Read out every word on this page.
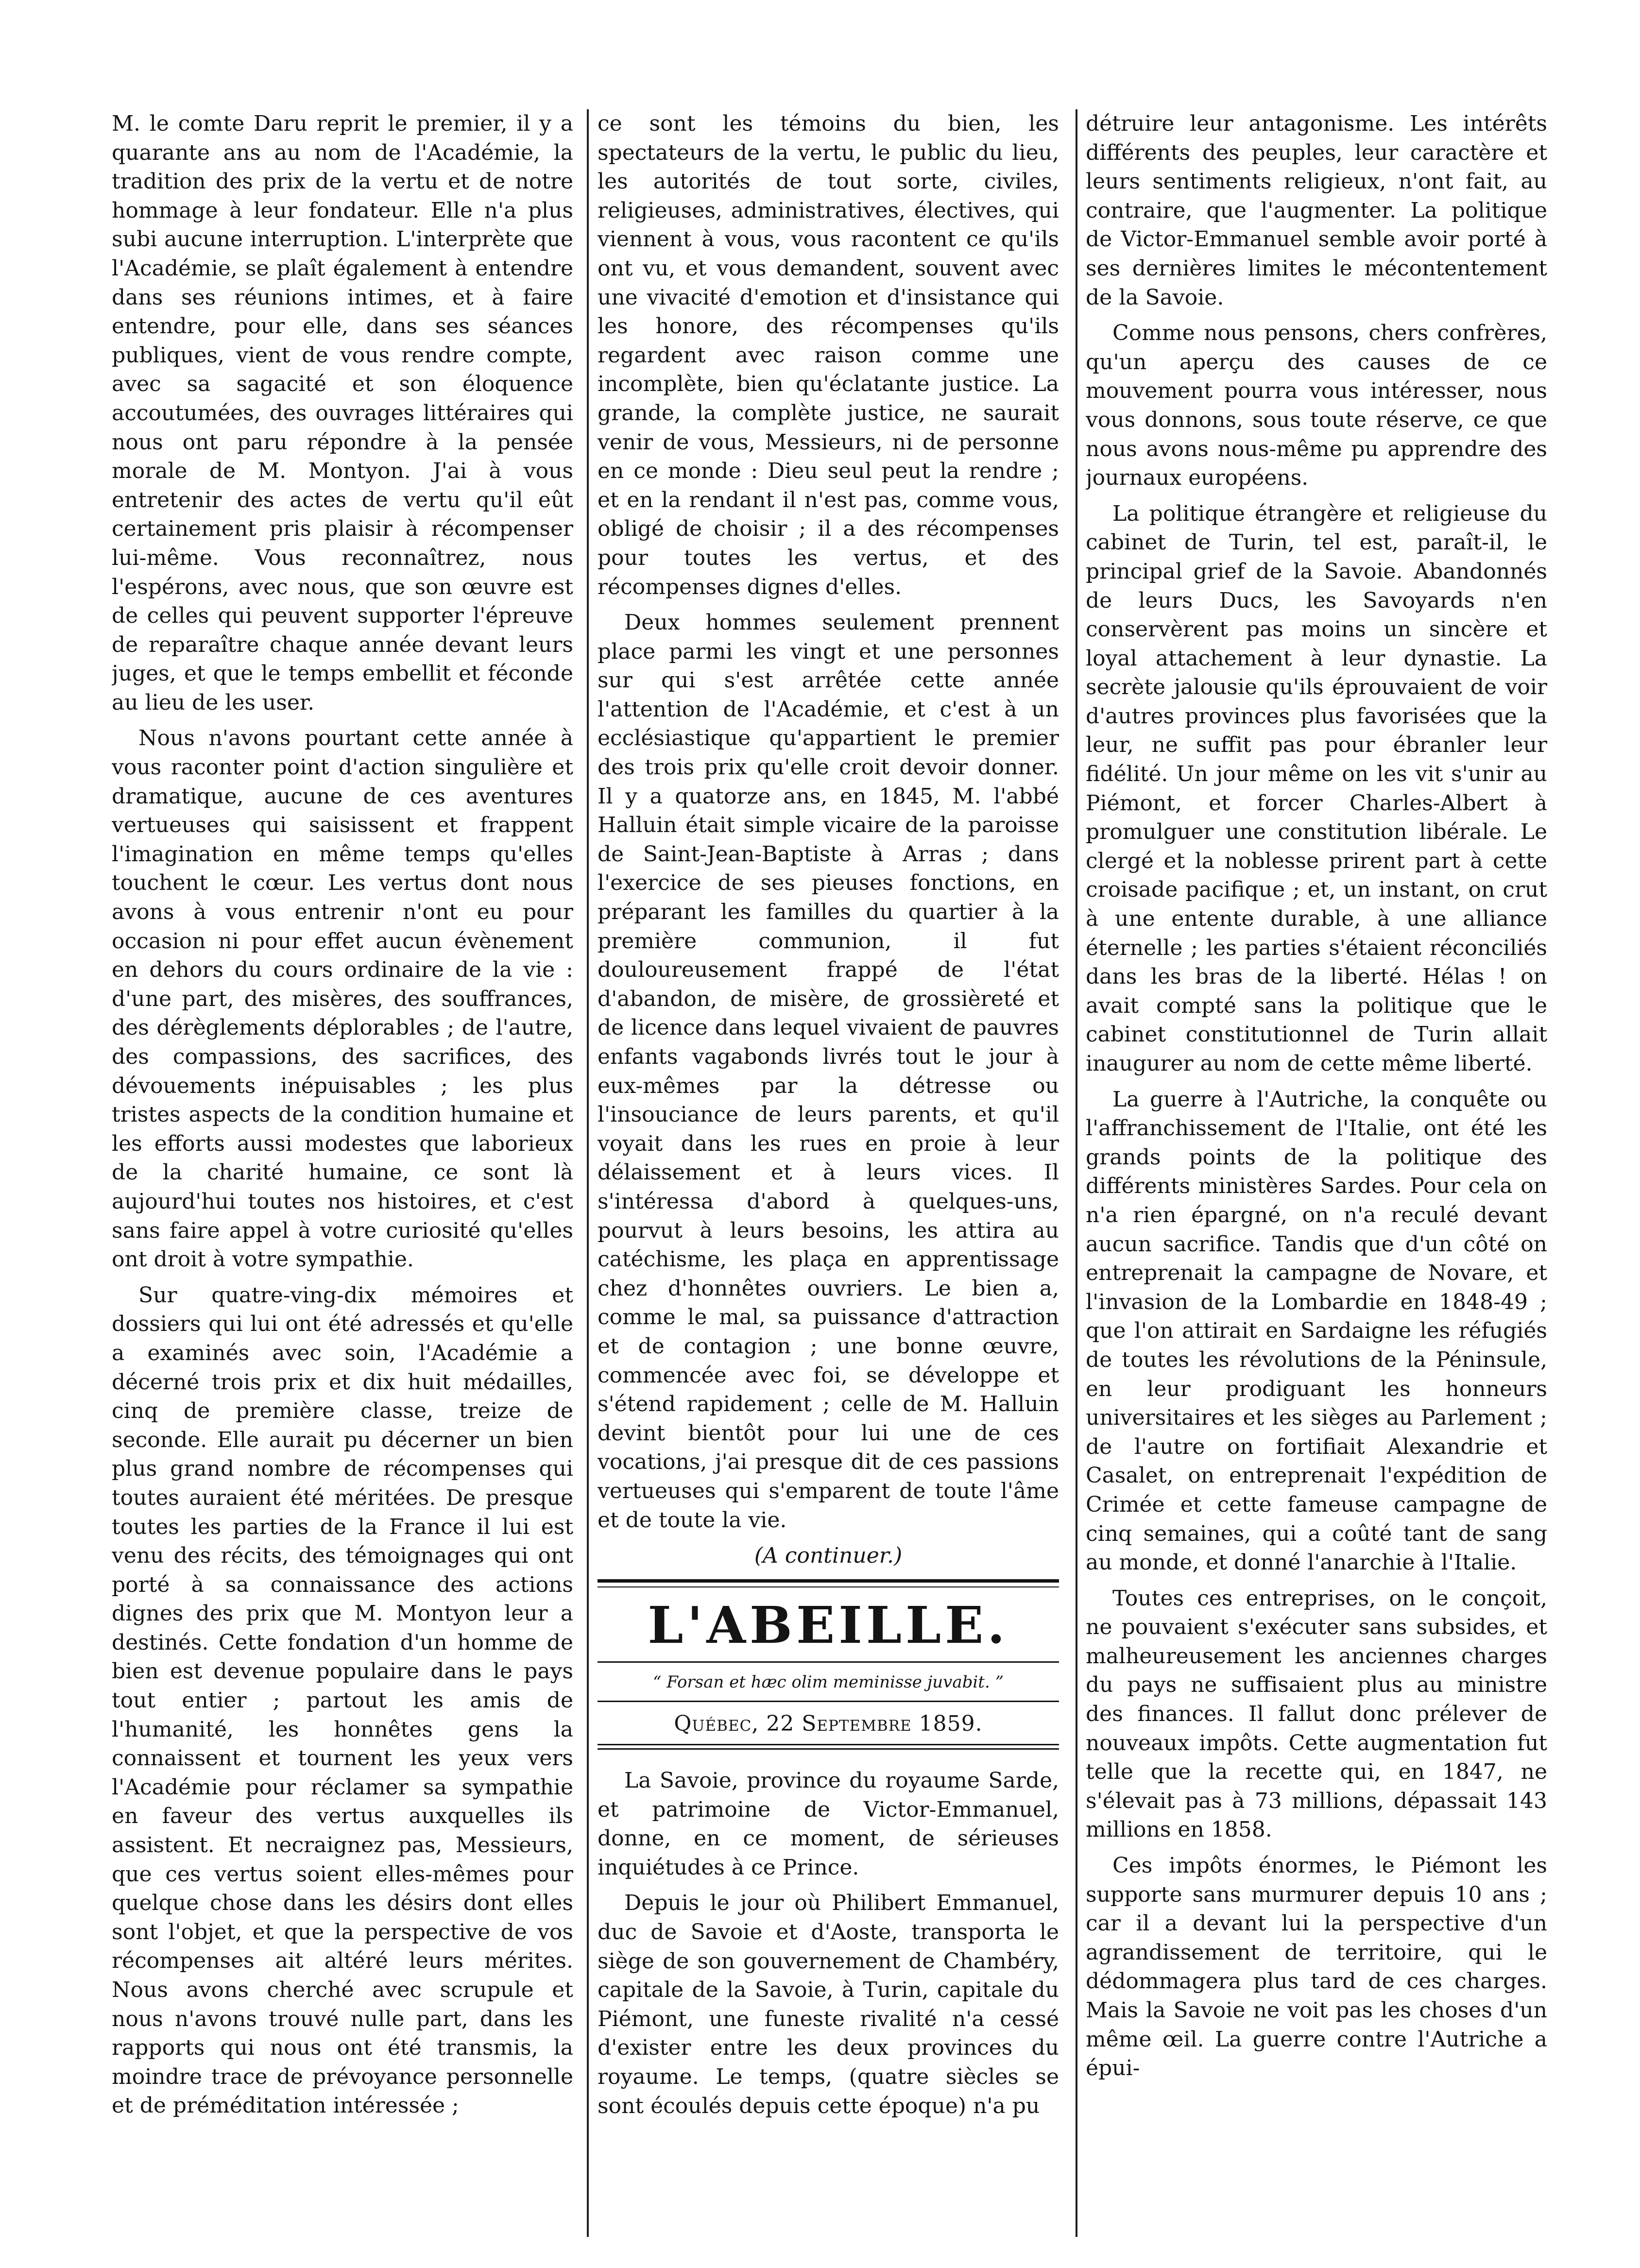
M. le comte Daru reprit le premier, il y a quarante ans au nom de l'Académie, la tradition des prix de la vertu et de notre hommage à leur fondateur. Elle n'a plus subi aucune interruption. L'interprète que l'Académie, se plaît également à entendre dans ses réunions intimes, et à faire entendre, pour elle, dans ses séances publiques, vient de vous rendre compte, avec sa sagacité et son éloquence accoutumées, des ouvrages littéraires qui nous ont paru répondre à la pensée morale de M. Montyon. J'ai à vous entretenir des actes de vertu qu'il eût certainement pris plaisir à récompenser lui-même. Vous reconnaîtrez, nous l'espérons, avec nous, que son œuvre est de celles qui peuvent supporter l'épreuve de reparaître chaque année devant leurs juges, et que le temps embellit et féconde au lieu de les user.

Nous n'avons pourtant cette année à vous raconter point d'action singulière et dramatique, aucune de ces aventures vertueuses qui saisissent et frappent l'imagination en même temps qu'elles touchent le cœur. Les vertus dont nous avons à vous entrenir n'ont eu pour occasion ni pour effet aucun évènement en dehors du cours ordinaire de la vie : d'une part, des misères, des souffrances, des dérèglements déplorables ; de l'autre, des compassions, des sacrifices, des dévouements inépuisables ; les plus tristes aspects de la condition humaine et les efforts aussi modestes que laborieux de la charité humaine, ce sont là aujourd'hui toutes nos histoires, et c'est sans faire appel à votre curiosité qu'elles ont droit à votre sympathie.

Sur quatre-ving-dix mémoires et dossiers qui lui ont été adressés et qu'elle a examinés avec soin, l'Académie a décerné trois prix et dix huit médailles, cinq de première classe, treize de seconde. Elle aurait pu décerner un bien plus grand nombre de récompenses qui toutes auraient été méritées. De presque toutes les parties de la France il lui est venu des récits, des témoignages qui ont porté à sa connaissance des actions dignes des prix que M. Montyon leur a destinés. Cette fondation d'un homme de bien est devenue populaire dans le pays tout entier ; partout les amis de l'humanité, les honnêtes gens la connaissent et tournent les yeux vers l'Académie pour réclamer sa sympathie en faveur des vertus auxquelles ils assistent. Et necraignez pas, Messieurs, que ces vertus soient elles-mêmes pour quelque chose dans les désirs dont elles sont l'objet, et que la perspective de vos récompenses ait altéré leurs mérites. Nous avons cherché avec scrupule et nous n'avons trouvé nulle part, dans les rapports qui nous ont été transmis, la moindre trace de prévoyance personnelle et de préméditation intéressée ;

ce sont les témoins du bien, les spectateurs de la vertu, le public du lieu, les autorités de tout sorte, civiles, religieuses, administratives, électives, qui viennent à vous, vous racontent ce qu'ils ont vu, et vous demandent, souvent avec une vivacité d'emotion et d'insistance qui les honore, des récompenses qu'ils regardent avec raison comme une incomplète, bien qu'éclatante justice. La grande, la complète justice, ne saurait venir de vous, Messieurs, ni de personne en ce monde : Dieu seul peut la rendre ; et en la rendant il n'est pas, comme vous, obligé de choisir ; il a des récompenses pour toutes les vertus, et des récompenses dignes d'elles.

Deux hommes seulement prennent place parmi les vingt et une personnes sur qui s'est arrêtée cette année l'attention de l'Académie, et c'est à un ecclésiastique qu'appartient le premier des trois prix qu'elle croit devoir donner. Il y a quatorze ans, en 1845, M. l'abbé Halluin était simple vicaire de la paroisse de Saint-Jean-Baptiste à Arras ; dans l'exercice de ses pieuses fonctions, en préparant les familles du quartier à la première communion, il fut douloureusement frappé de l'état d'abandon, de misère, de grossièreté et de licence dans lequel vivaient de pauvres enfants vagabonds livrés tout le jour à eux-mêmes par la détresse ou l'insouciance de leurs parents, et qu'il voyait dans les rues en proie à leur délaissement et à leurs vices. Il s'intéressa d'abord à quelques-uns, pourvut à leurs besoins, les attira au catéchisme, les plaça en apprentissage chez d'honnêtes ouvriers. Le bien a, comme le mal, sa puissance d'attraction et de contagion ; une bonne œuvre, commencée avec foi, se développe et s'étend rapidement ; celle de M. Halluin devint bientôt pour lui une de ces vocations, j'ai presque dit de ces passions vertueuses qui s'emparent de toute l'âme et de toute la vie.

(A continuer.)
L'ABEILLE.
“ Forsan et hæc olim meminisse juvabit. ”
Québec, 22 Septembre 1859.

La Savoie, province du royaume Sarde, et patrimoine de Victor-Emmanuel, donne, en ce moment, de sérieuses inquiétudes à ce Prince.

Depuis le jour où Philibert Emmanuel, duc de Savoie et d'Aoste, transporta le siège de son gouvernement de Chambéry, capitale de la Savoie, à Turin, capitale du Piémont, une funeste rivalité n'a cessé d'exister entre les deux provinces du royaume. Le temps, (quatre siècles se sont écoulés depuis cette époque) n'a pu

détruire leur antagonisme. Les intérêts différents des peuples, leur caractère et leurs sentiments religieux, n'ont fait, au contraire, que l'augmenter. La politique de Victor-Emmanuel semble avoir porté à ses dernières limites le mécontentement de la Savoie.

Comme nous pensons, chers confrères, qu'un aperçu des causes de ce mouvement pourra vous intéresser, nous vous donnons, sous toute réserve, ce que nous avons nous-même pu apprendre des journaux européens.

La politique étrangère et religieuse du cabinet de Turin, tel est, paraît-il, le principal grief de la Savoie. Abandonnés de leurs Ducs, les Savoyards n'en conservèrent pas moins un sincère et loyal attachement à leur dynastie. La secrète jalousie qu'ils éprouvaient de voir d'autres provinces plus favorisées que la leur, ne suffit pas pour ébranler leur fidélité. Un jour même on les vit s'unir au Piémont, et forcer Charles-Albert à promulguer une constitution libérale. Le clergé et la noblesse prirent part à cette croisade pacifique ; et, un instant, on crut à une entente durable, à une alliance éternelle ; les parties s'étaient réconciliés dans les bras de la liberté. Hélas ! on avait compté sans la politique que le cabinet constitutionnel de Turin allait inaugurer au nom de cette même liberté.

La guerre à l'Autriche, la conquête ou l'affranchissement de l'Italie, ont été les grands points de la politique des différents ministères Sardes. Pour cela on n'a rien épargné, on n'a reculé devant aucun sacrifice. Tandis que d'un côté on entreprenait la campagne de Novare, et l'invasion de la Lombardie en 1848-49 ; que l'on attirait en Sardaigne les réfugiés de toutes les révolutions de la Péninsule, en leur prodiguant les honneurs universitaires et les sièges au Parlement ; de l'autre on fortifiait Alexandrie et Casalet, on entreprenait l'expédition de Crimée et cette fameuse campagne de cinq semaines, qui a coûté tant de sang au monde, et donné l'anarchie à l'Italie.

Toutes ces entreprises, on le conçoit, ne pouvaient s'exécuter sans subsides, et malheureusement les anciennes charges du pays ne suffisaient plus au ministre des finances. Il fallut donc prélever de nouveaux impôts. Cette augmentation fut telle que la recette qui, en 1847, ne s'élevait pas à 73 millions, dépassait 143 millions en 1858.

Ces impôts énormes, le Piémont les supporte sans murmurer depuis 10 ans ; car il a devant lui la perspective d'un agrandissement de territoire, qui le dédommagera plus tard de ces charges. Mais la Savoie ne voit pas les choses d'un même œil. La guerre contre l'Autriche a épui-
